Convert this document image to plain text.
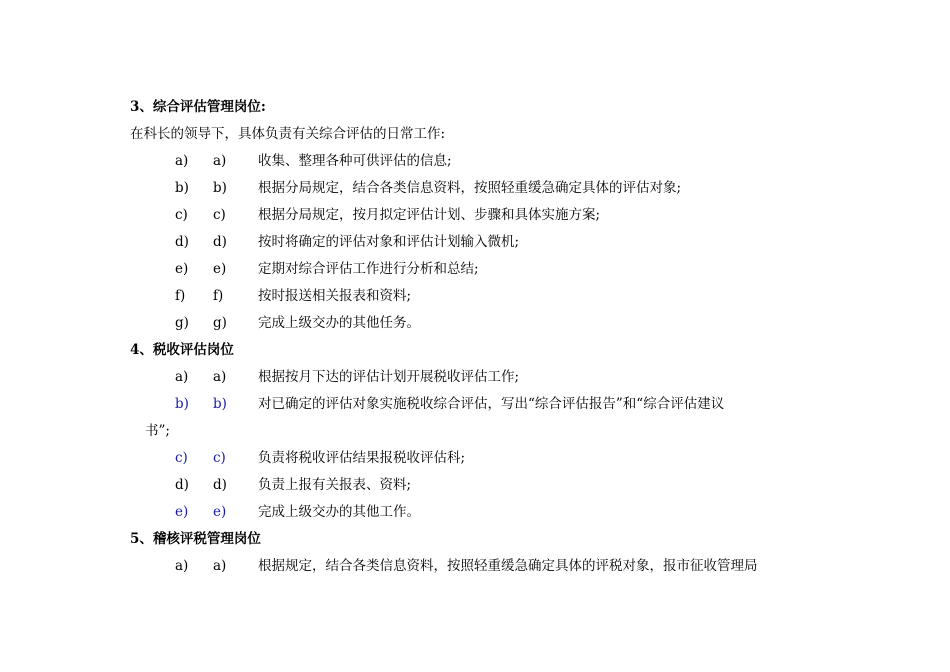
3、综合评估管理岗位:
在科长的领导下，具体负责有关综合评估的日常工作:
a) a) 收集、整理各种可供评估的信息;
b) b) 根据分局规定，结合各类信息资料，按照轻重缓急确定具体的评估对象;
c) c) 根据分局规定，按月拟定评估计划、步骤和具体实施方案;
d) d) 按时将确定的评估对象和评估计划输入微机;
e) e) 定期对综合评估工作进行分析和总结;
f) f)	按时报送相关报表和资料;
g) g) 完成上级交办的其他任务。
4、税收评估岗位
a) a) 根据按月下达的评估计划开展税收评估工作;
b) b) 对已确定的评估对象实施税收综合评估，写出“综合评估报告”和“综合评估建议
书”;
c) c) 负责将税收评估结果报税收评估科;
d) d) 负责上报有关报表、资料;
e) e) 完成上级交办的其他工作。
5、稽核评税管理岗位
a) a) 根据规定，结合各类信息资料，按照轻重缓急确定具体的评税对象，报市征收管理局
